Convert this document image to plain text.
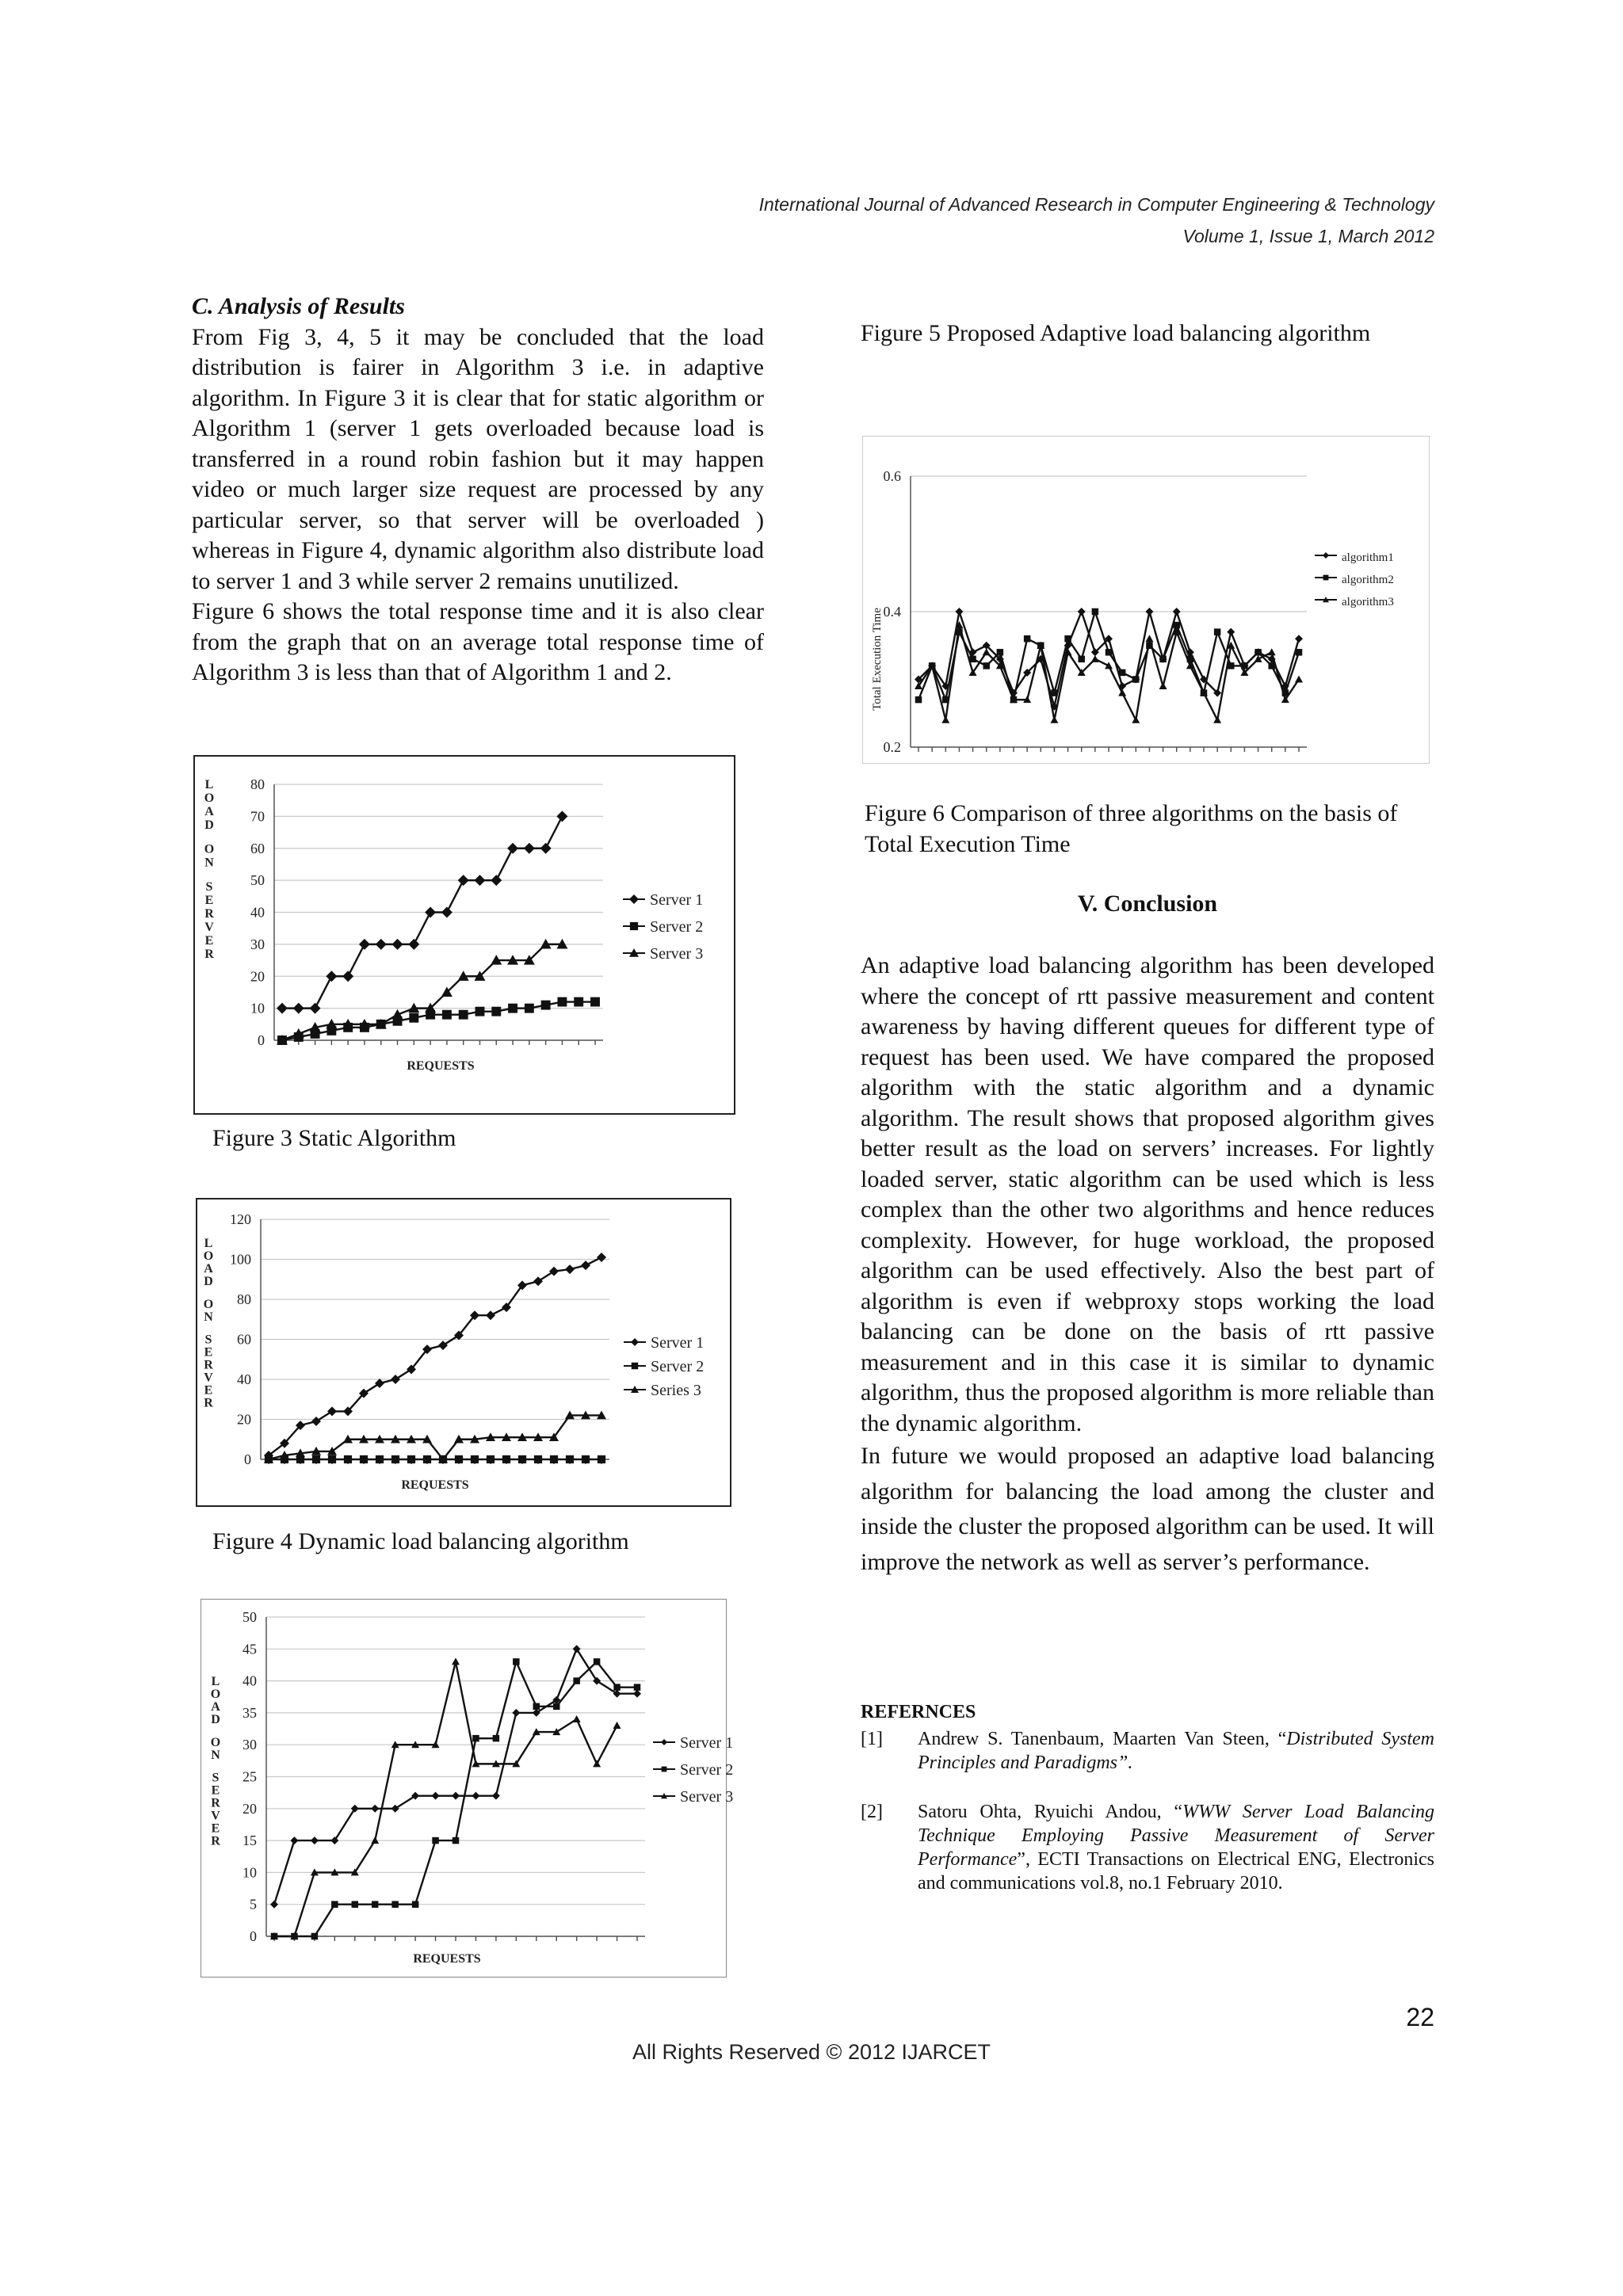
International Journal of Advanced Research in Computer Engineering & Technology
Volume 1, Issue 1, March 2012
C. Analysis of Results

From Fig 3, 4, 5 it may be concluded that the load distribution is fairer in Algorithm 3 i.e. in adaptive algorithm. In Figure 3 it is clear that for static algorithm or Algorithm 1 (server 1 gets overloaded because load is transferred in a round robin fashion but it may happen video or much larger size request are processed by any particular server, so that server will be overloaded ) whereas in Figure 4, dynamic algorithm also distribute load to server 1 and 3 while server 2 remains unutilized.

Figure 6 shows the total response time and it is also clear from the graph that on an average total response time of Algorithm 3 is less than that of Algorithm 1 and 2.

0
10
20
30
40
50
60
70
80
Server 1
Server 2
Server 3
REQUESTS
L
O
A
D
O
N
S
E
R
V
E
R
Figure 3 Static Algorithm
0
20
40
60
80
100
120
Server 1
Server 2
Series 3
REQUESTS
L
O
A
D
O
N
S
E
R
V
E
R
Figure 4 Dynamic load balancing algorithm
0
5
10
15
20
25
30
35
40
45
50
Server 1
Server 2
Server 3
REQUESTS
L
O
A
D
O
N
S
E
R
V
E
R

Figure 5 Proposed Adaptive load balancing algorithm

0.2
0.4
0.6
algorithm1
algorithm2
algorithm3
Total Execution Time

Figure 6 Comparison of three algorithms on the basis of Total Execution Time

V. Conclusion

An adaptive load balancing algorithm has been developed where the concept of rtt passive measurement and content awareness by having different queues for different type of request has been used. We have compared the proposed algorithm with the static algorithm and a dynamic algorithm. The result shows that proposed algorithm gives better result as the load on servers’ increases. For lightly loaded server, static algorithm can be used which is less complex than the other two algorithms and hence reduces complexity. However, for huge workload, the proposed algorithm can be used effectively. Also the best part of algorithm is even if webproxy stops working the load balancing can be done on the basis of rtt passive measurement and in this case it is similar to dynamic algorithm, thus the proposed algorithm is more reliable than the dynamic algorithm.

In future we would proposed an adaptive load balancing algorithm for balancing the load among the cluster and inside the cluster the proposed algorithm can be used. It will improve the network as well as server’s performance.

REFERNCES
[1] Andrew S. Tanenbaum, Maarten Van Steen, “Distributed System Principles and Paradigms”.
[2] Satoru Ohta, Ryuichi Andou, “WWW Server Load Balancing Technique Employing Passive Measurement of Server Performance”, ECTI Transactions on Electrical ENG, Electronics and communications vol.8, no.1 February 2010.
22
All Rights Reserved © 2012 IJARCET
